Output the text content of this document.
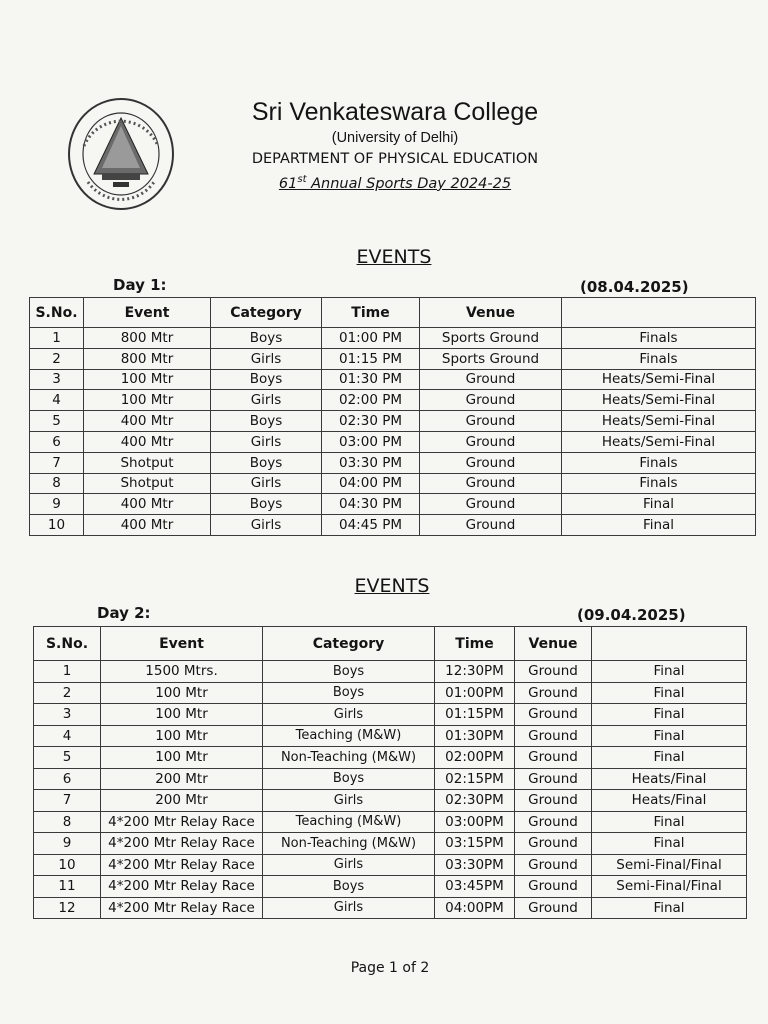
Sri Venkateswara College
(University of Delhi)
DEPARTMENT OF PHYSICAL EDUCATION
61st Annual Sports Day 2024-25
EVENTS
Day 1:	(08.04.2025)
S.No.	Event	Category	Time	Venue	
1	800 Mtr	Boys	01:00 PM	Sports Ground	Finals
2	800 Mtr	Girls	01:15 PM	Sports Ground	Finals
3	100 Mtr	Boys	01:30 PM	Ground	Heats/Semi-Final
4	100 Mtr	Girls	02:00 PM	Ground	Heats/Semi-Final
5	400 Mtr	Boys	02:30 PM	Ground	Heats/Semi-Final
6	400 Mtr	Girls	03:00 PM	Ground	Heats/Semi-Final
7	Shotput	Boys	03:30 PM	Ground	Finals
8	Shotput	Girls	04:00 PM	Ground	Finals
9	400 Mtr	Boys	04:30 PM	Ground	Final
10	400 Mtr	Girls	04:45 PM	Ground	Final
EVENTS
Day 2:	(09.04.2025)
S.No.	Event	Category	Time	Venue	
1	1500 Mtrs.	Boys	12:30PM	Ground	Final
2	100 Mtr	Boys	01:00PM	Ground	Final
3	100 Mtr	Girls	01:15PM	Ground	Final
4	100 Mtr	Teaching (M&W)	01:30PM	Ground	Final
5	100 Mtr	Non-Teaching (M&W)	02:00PM	Ground	Final
6	200 Mtr	Boys	02:15PM	Ground	Heats/Final
7	200 Mtr	Girls	02:30PM	Ground	Heats/Final
8	4*200 Mtr Relay Race	Teaching (M&W)	03:00PM	Ground	Final
9	4*200 Mtr Relay Race	Non-Teaching (M&W)	03:15PM	Ground	Final
10	4*200 Mtr Relay Race	Girls	03:30PM	Ground	Semi-Final/Final
11	4*200 Mtr Relay Race	Boys	03:45PM	Ground	Semi-Final/Final
12	4*200 Mtr Relay Race	Girls	04:00PM	Ground	Final
Page 1 of 2
